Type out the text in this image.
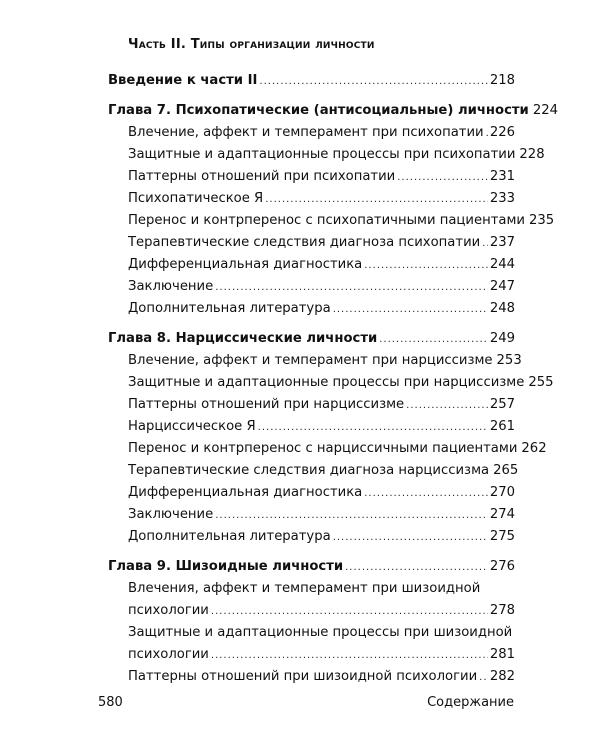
Часть II. Типы организации личности
Введение к части II .....	218
Глава 7. Психопатические (антисоциальные) личности 224
Влечение, аффект и темперамент при психопатии ..... 226
Защитные и адаптационные процессы при психопатии 228
Паттерны отношений при психопатии .....	231
Психопатическое Я .....	233
Перенос и контрперенос с психопатичными пациентами 235
Терапевтические следствия диагноза психопатии ..... 237
Дифференциальная диагностика .....	244
Заключение .....	247
Дополнительная литература .....	248
Глава 8. Нарциссические личности .....	249
Влечение, аффект и темперамент при нарциссизме 253
Защитные и адаптационные процессы при нарциссизме 255
Паттерны отношений при нарциссизме .....	257
Нарциссическое Я .....	261
Перенос и контрперенос с нарциссичными пациентами 262
Терапевтические следствия диагноза нарциссизма 265
Дифференциальная диагностика .....	270
Заключение .....	274
Дополнительная литература .....	275
Глава 9. Шизоидные личности .....	276
Влечения, аффект и темперамент при шизоидной
психологии .....	278
Защитные и адаптационные процессы при шизоидной
психологии .....	281
Паттерны отношений при шизоидной психологии ..... 282
580	Содержание
